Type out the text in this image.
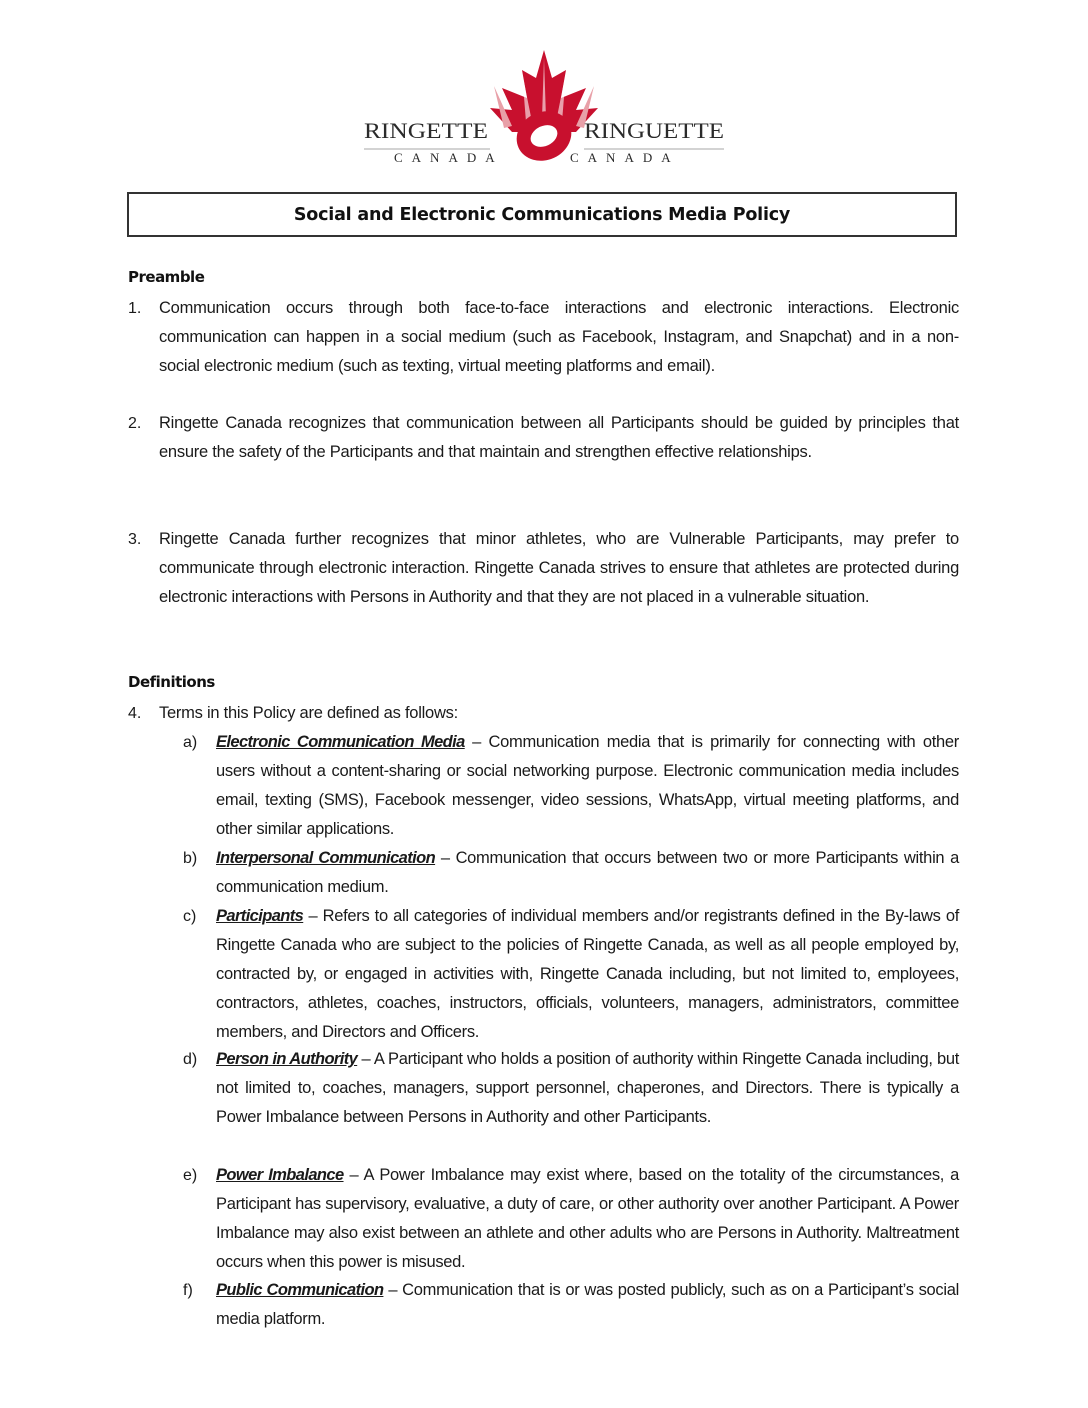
RINGETTE
CANADA
RINGUETTE
CANADA
Social and Electronic Communications Media Policy
Preamble
1. Communication occurs through both face-to-face interactions and electronic interactions. Electronic communication can happen in a social medium (such as Facebook, Instagram, and Snapchat) and in a non-social electronic medium (such as texting, virtual meeting platforms and email).
2. Ringette Canada recognizes that communication between all Participants should be guided by principles that ensure the safety of the Participants and that maintain and strengthen effective relationships.
3. Ringette Canada further recognizes that minor athletes, who are Vulnerable Participants, may prefer to communicate through electronic interaction. Ringette Canada strives to ensure that athletes are protected during electronic interactions with Persons in Authority and that they are not placed in a vulnerable situation.
Definitions
4. Terms in this Policy are defined as follows:
a) Electronic Communication Media – Communication media that is primarily for connecting with other users without a content-sharing or social networking purpose. Electronic communication media includes email, texting (SMS), Facebook messenger, video sessions, WhatsApp, virtual meeting platforms, and other similar applications.
b) Interpersonal Communication – Communication that occurs between two or more Participants within a communication medium.
c) Participants – Refers to all categories of individual members and/or registrants defined in the By-laws of Ringette Canada who are subject to the policies of Ringette Canada, as well as all people employed by, contracted by, or engaged in activities with, Ringette Canada including, but not limited to, employees, contractors, athletes, coaches, instructors, officials, volunteers, managers, administrators, committee members, and Directors and Officers.
d) Person in Authority – A Participant who holds a position of authority within Ringette Canada including, but not limited to, coaches, managers, support personnel, chaperones, and Directors. There is typically a Power Imbalance between Persons in Authority and other Participants.
e) Power Imbalance – A Power Imbalance may exist where, based on the totality of the circumstances, a Participant has supervisory, evaluative, a duty of care, or other authority over another Participant. A Power Imbalance may also exist between an athlete and other adults who are Persons in Authority. Maltreatment occurs when this power is misused.
f) Public Communication – Communication that is or was posted publicly, such as on a Participant’s social media platform.
